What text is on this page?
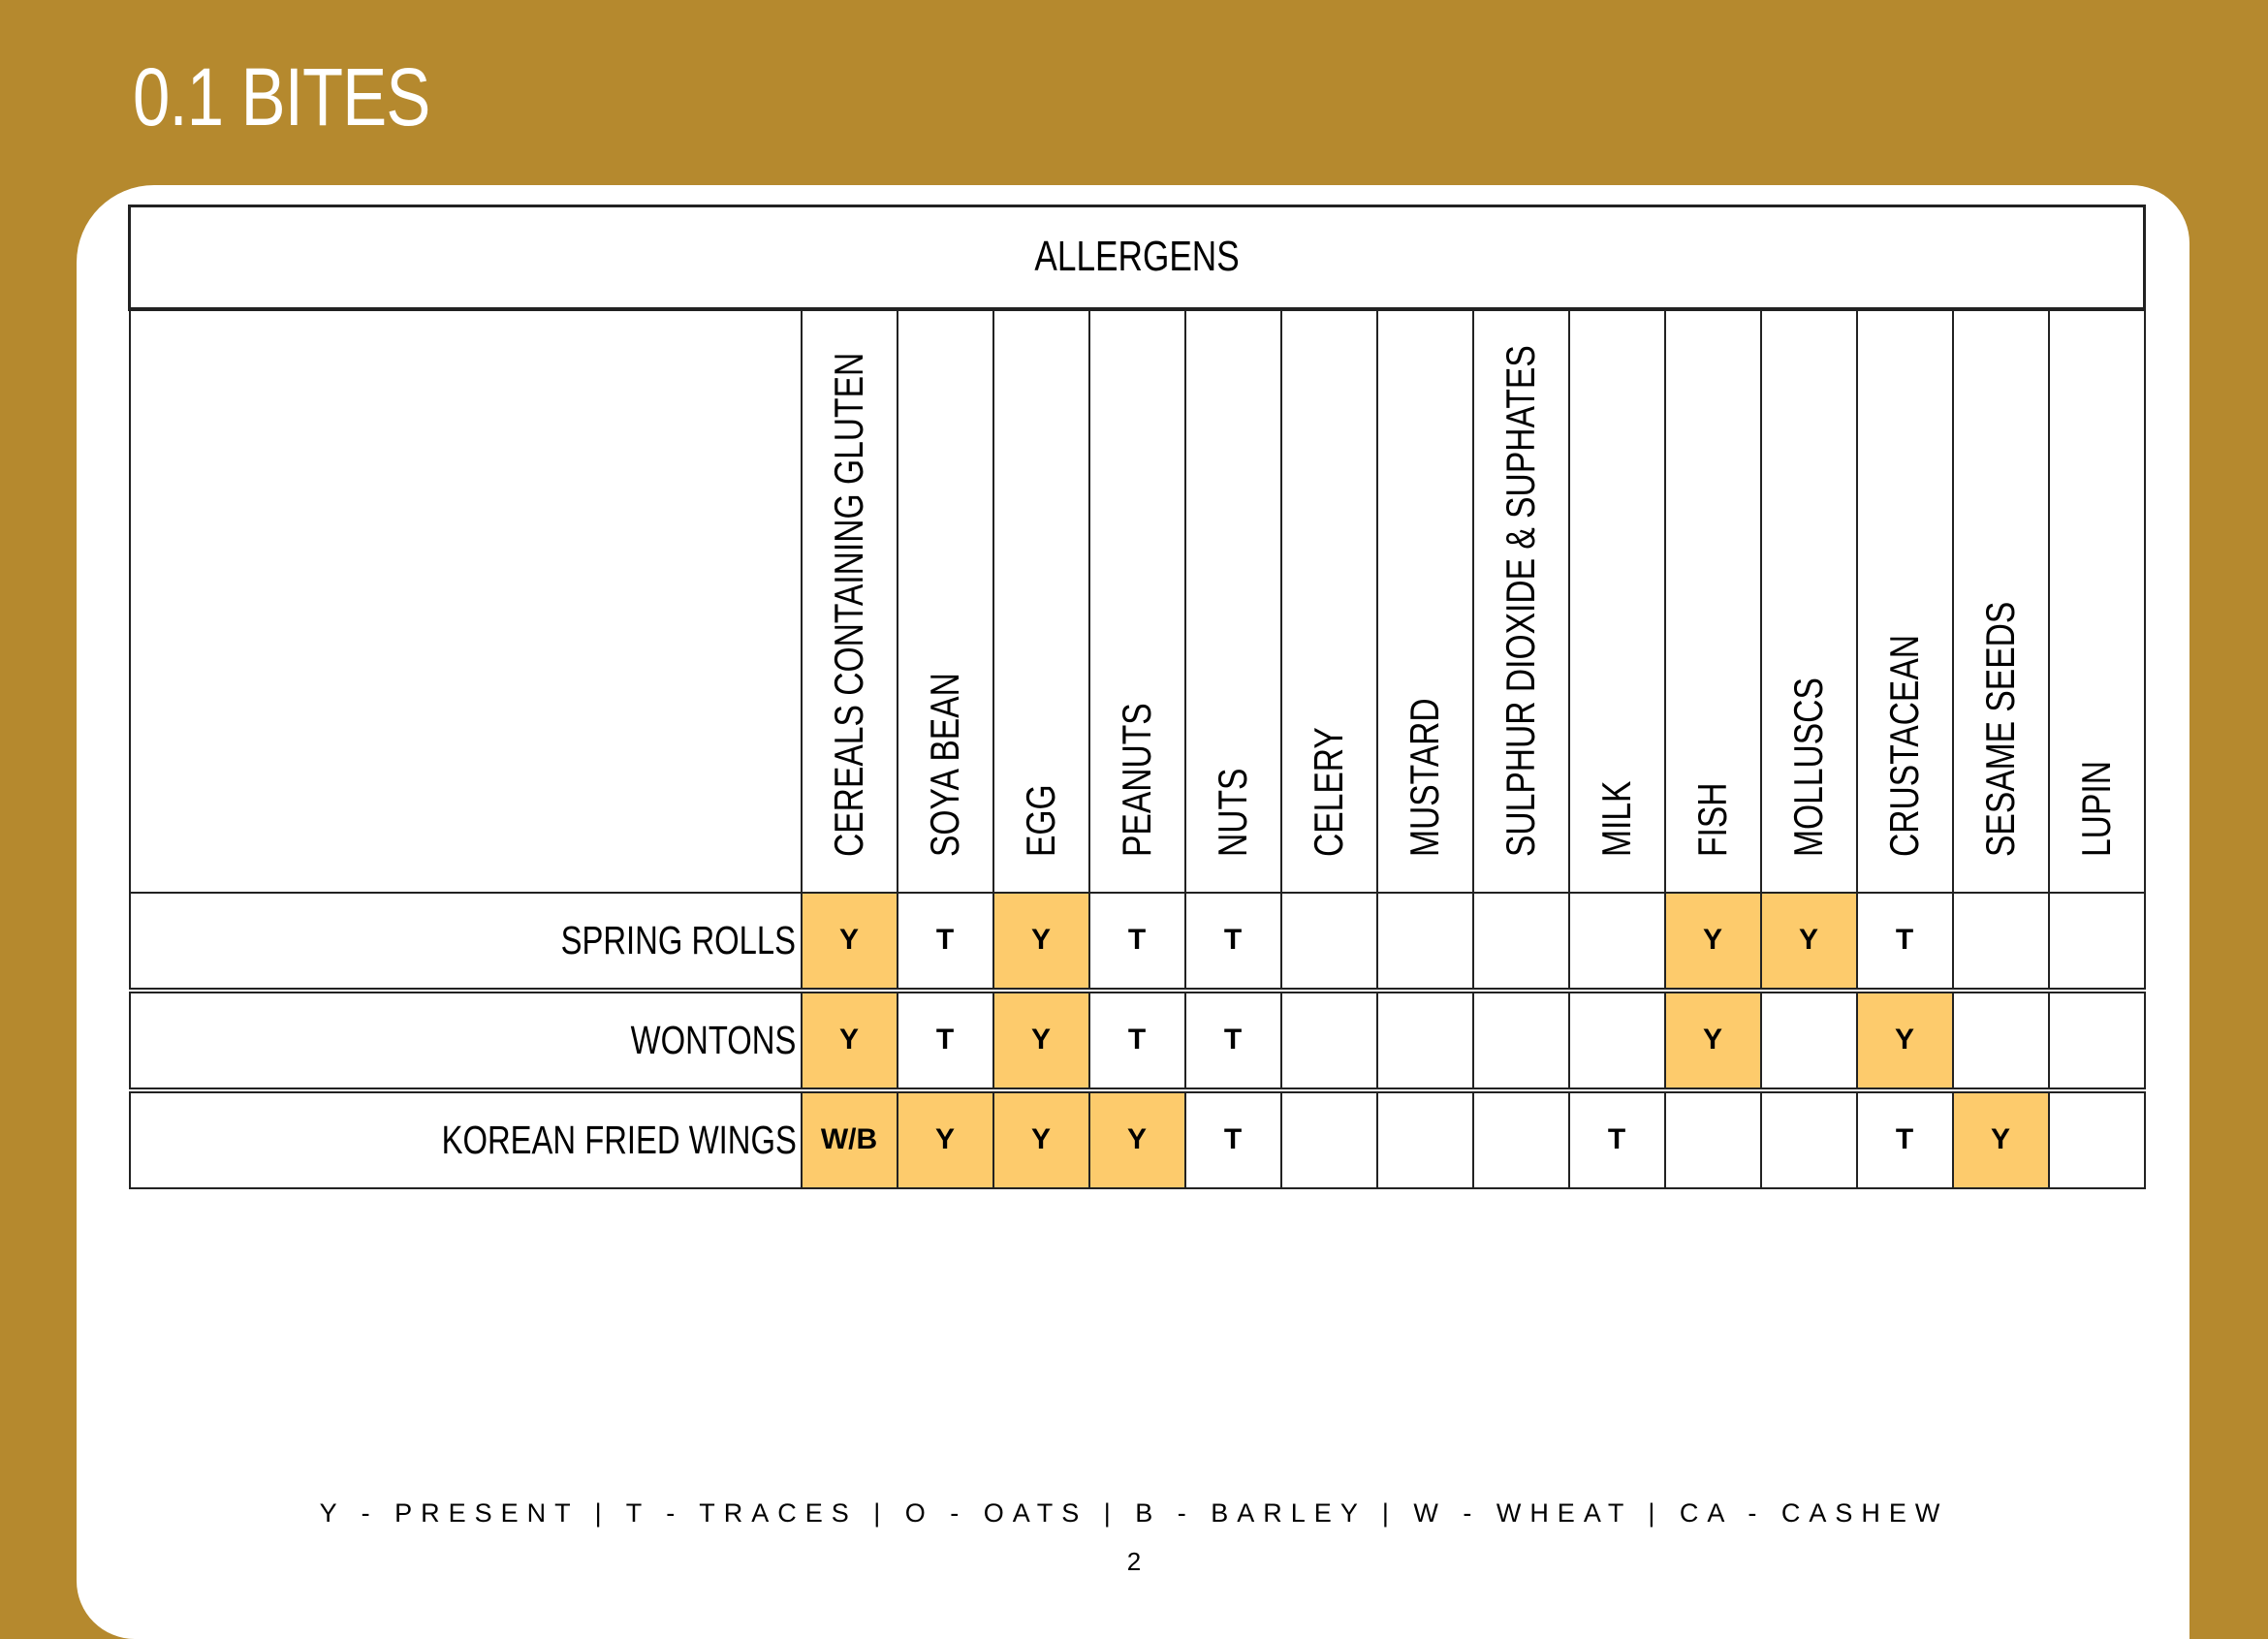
0.1 BITES
ALLERGENS														

	CEREALS CONTAINING GLUTEN	SOYA BEAN	EGG	PEANUTS	NUTS	CELERY	MUSTARD	SULPHUR DIOXIDE & SUPHATES	MILK	FISH	MOLLUSCS	CRUSTACEAN	SESAME SEEDS	LUPIN

SPRING ROLLS	Y	T	Y	T	T					Y	Y	T		

WONTONS	Y	T	Y	T	T					Y		Y		

KOREAN FRIED WINGS	W/B	Y	Y	Y	T				T			T	Y	
Y - PRESENT | T - TRACES | O - OATS | B - BARLEY | W - WHEAT | CA - CASHEW
2
